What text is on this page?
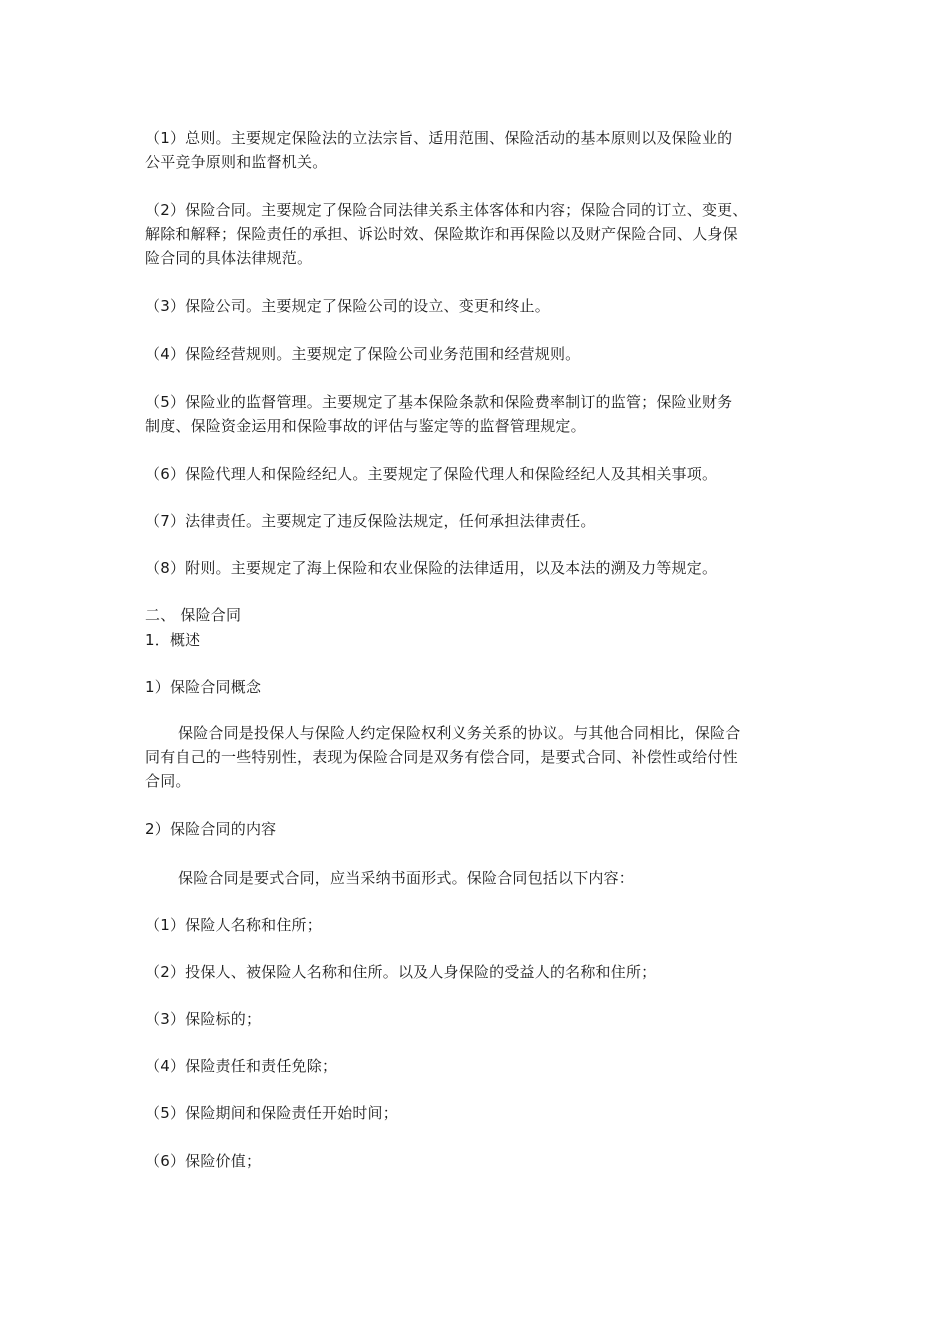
（1）总则。主要规定保险法的立法宗旨、适用范围、保险活动的基本原则以及保险业的
公平竞争原则和监督机关。
（2）保险合同。主要规定了保险合同法律关系主体客体和内容；保险合同的订立、变更、
解除和解释；保险责任的承担、诉讼时效、保险欺诈和再保险以及财产保险合同、人身保
险合同的具体法律规范。
（3）保险公司。主要规定了保险公司的设立、变更和终止。
（4）保险经营规则。主要规定了保险公司业务范围和经营规则。
（5）保险业的监督管理。主要规定了基本保险条款和保险费率制订的监管；保险业财务
制度、保险资金运用和保险事故的评估与鉴定等的监督管理规定。
（6）保险代理人和保险经纪人。主要规定了保险代理人和保险经纪人及其相关事项。
（7）法律责任。主要规定了违反保险法规定，任何承担法律责任。
（8）附则。主要规定了海上保险和农业保险的法律适用，以及本法的溯及力等规定。
二、 保险合同
1．概述
1）保险合同概念
保险合同是投保人与保险人约定保险权利义务关系的协议。与其他合同相比，保险合
同有自己的一些特别性，表现为保险合同是双务有偿合同，是要式合同、补偿性或给付性
合同。
2）保险合同的内容
保险合同是要式合同，应当采纳书面形式。保险合同包括以下内容：
（1）保险人名称和住所；
（2）投保人、被保险人名称和住所。以及人身保险的受益人的名称和住所；
（3）保险标的；
（4）保险责任和责任免除；
（5）保险期间和保险责任开始时间；
（6）保险价值；
